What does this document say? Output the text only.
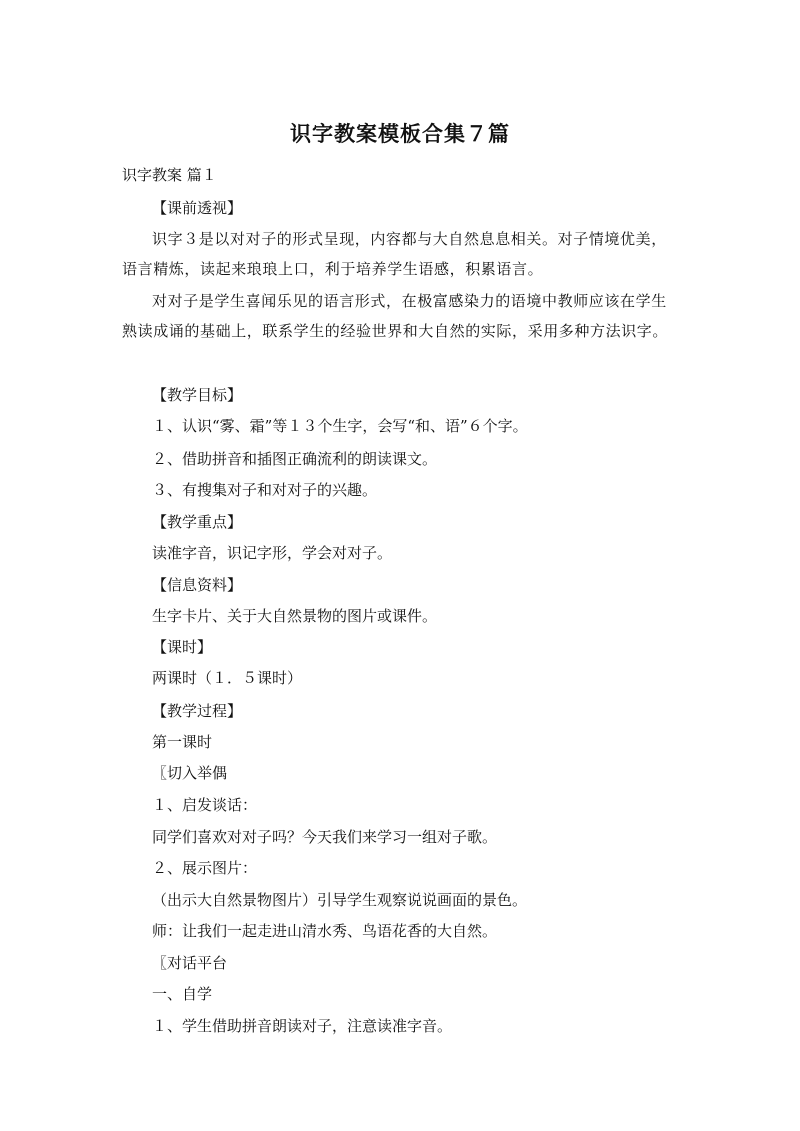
识字教案模板合集７篇

识字教案 篇１

【课前透视】

识字３是以对对子的形式呈现，内容都与大自然息息相关。对子情境优美，语言精炼，读起来琅琅上口，利于培养学生语感，积累语言。

对对子是学生喜闻乐见的语言形式，在极富感染力的语境中教师应该在学生熟读成诵的基础上，联系学生的经验世界和大自然的实际，采用多种方法识字。

【教学目标】

１、认识“雾、霜”等１３个生字，会写“和、语”６个字。

２、借助拼音和插图正确流利的朗读课文。

３、有搜集对子和对对子的兴趣。

【教学重点】

读准字音，识记字形，学会对对子。

【信息资料】

生字卡片、关于大自然景物的图片或课件。

【课时】

两课时（１．５课时）

【教学过程】

第一课时

〖切入举偶

１、启发谈话：

同学们喜欢对对子吗？今天我们来学习一组对子歌。

２、展示图片：

（出示大自然景物图片）引导学生观察说说画面的景色。

师：让我们一起走进山清水秀、鸟语花香的大自然。

〖对话平台

一、自学

１、学生借助拼音朗读对子，注意读准字音。
